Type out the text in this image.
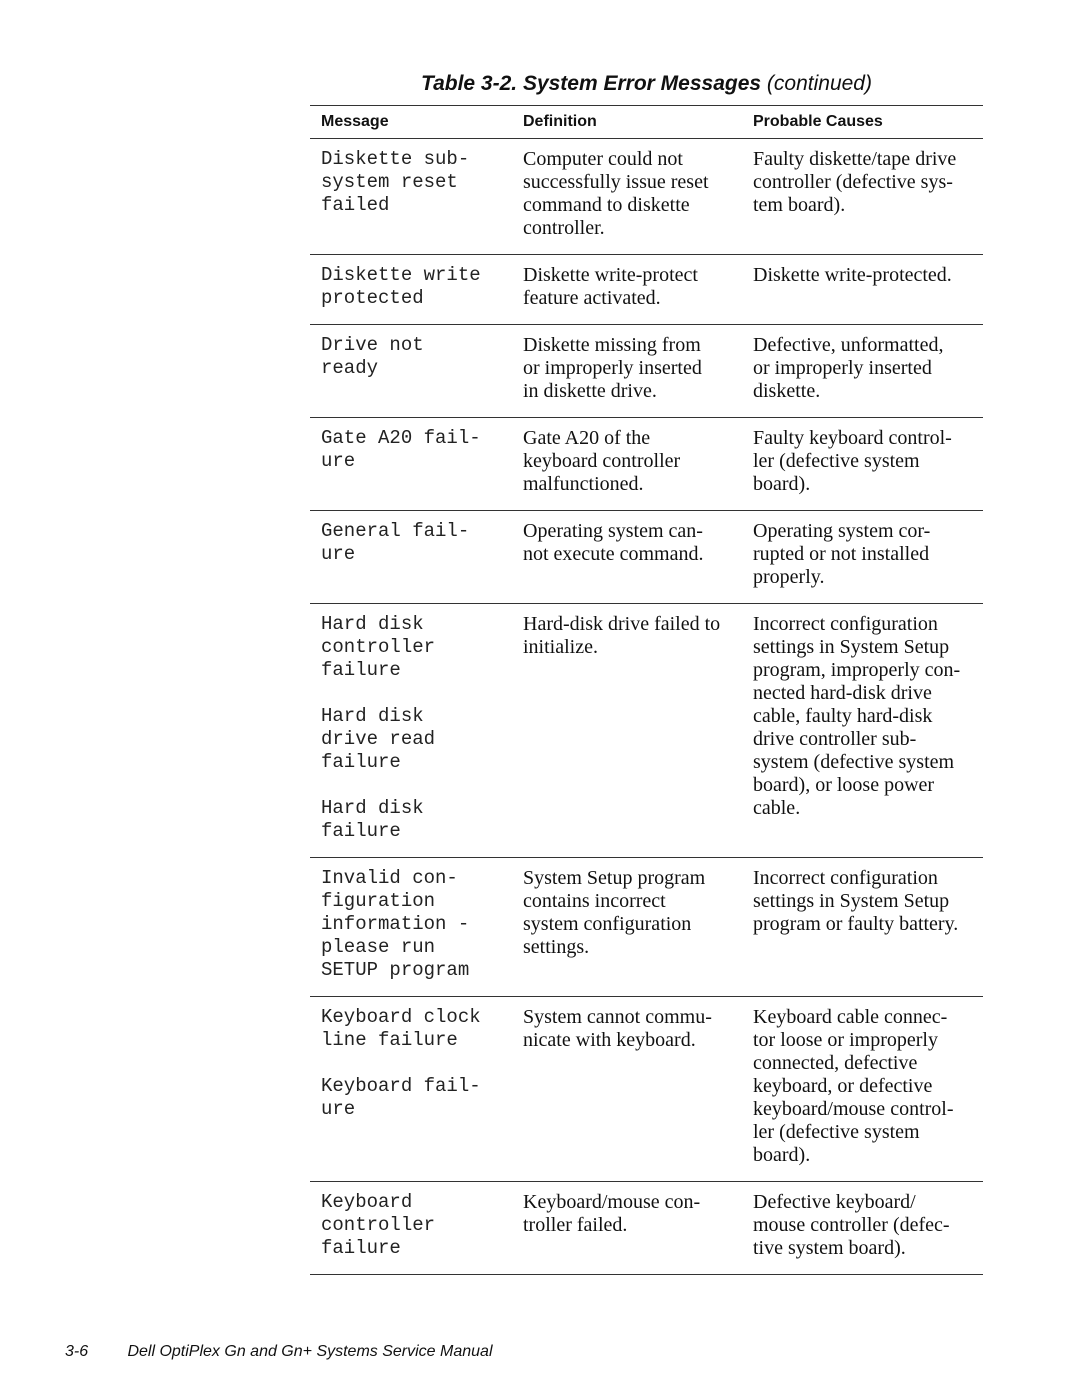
Table 3-2. System Error Messages (continued)
Message	Definition	Probable Causes
Diskette sub-
system reset
failed
Computer could not
successfully issue reset
command to diskette
controller.
Faulty diskette/tape drive
controller (defective sys-
tem board).
Diskette write
protected
Diskette write-protect
feature activated.
Diskette write-protected.
Drive not
ready
Diskette missing from
or improperly inserted
in diskette drive.
Defective, unformatted,
or improperly inserted
diskette.
Gate A20 fail-
ure
Gate A20 of the
keyboard controller
malfunctioned.
Faulty keyboard control-
ler (defective system
board).
General fail-
ure
Operating system can-
not execute command.
Operating system cor-
rupted or not installed
properly.
Hard disk
controller
failure
Hard disk
drive read
failure
Hard disk
failure
Hard-disk drive failed to
initialize.
Incorrect configuration
settings in System Setup
program, improperly con-
nected hard-disk drive
cable, faulty hard-disk
drive controller sub-
system (defective system
board), or loose power
cable.
Invalid con-
figuration
information -
please run
SETUP program
System Setup program
contains incorrect
system configuration
settings.
Incorrect configuration
settings in System Setup
program or faulty battery.
Keyboard clock
line failure
Keyboard fail-
ure
System cannot commu-
nicate with keyboard.
Keyboard cable connec-
tor loose or improperly
connected, defective
keyboard, or defective
keyboard/mouse control-
ler (defective system
board).
Keyboard
controller
failure
Keyboard/mouse con-
troller failed.
Defective keyboard/
mouse controller (defec-
tive system board).
3-6 Dell OptiPlex Gn and Gn+ Systems Service Manual
